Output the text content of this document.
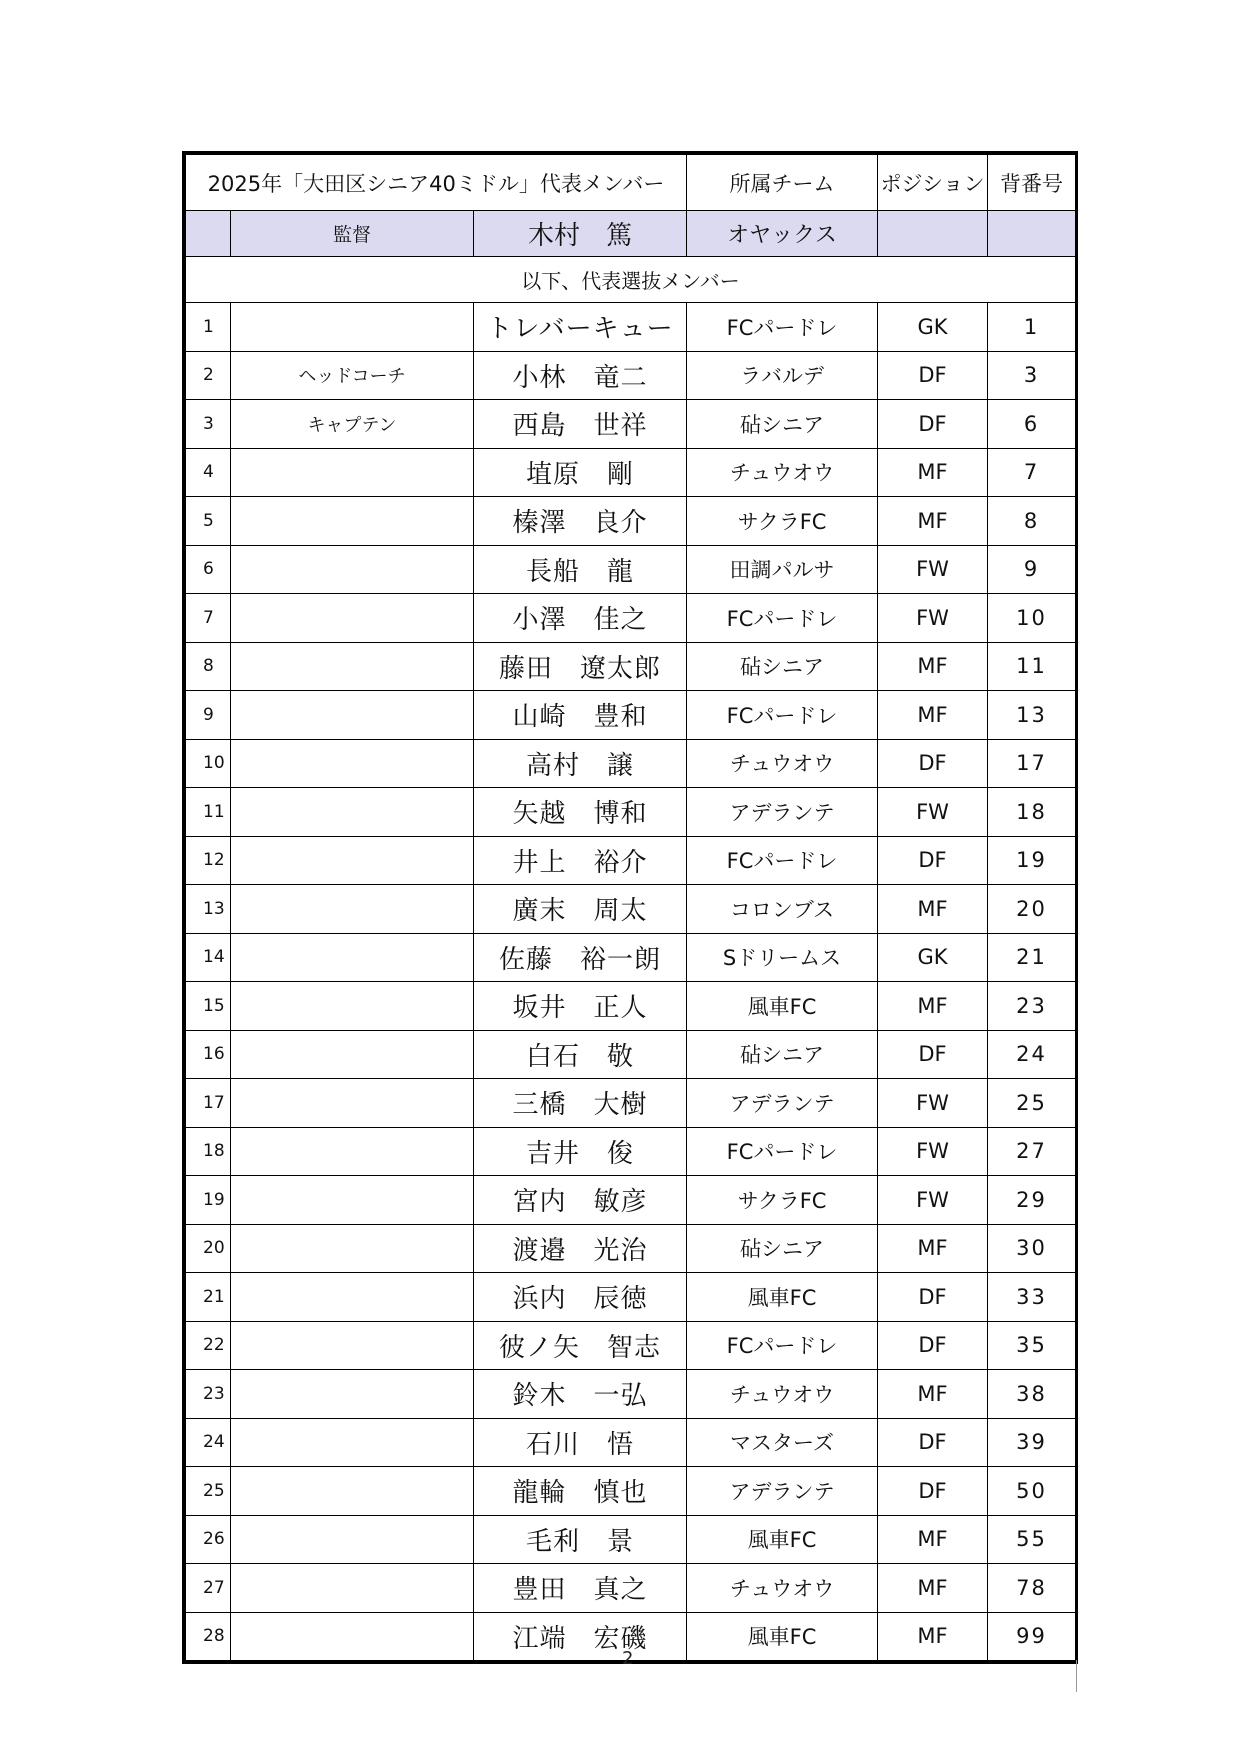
2025年「大田区シニア40ミドル」代表メンバー			所属チーム	ポジション	背番号
	監督	木村　篤	オヤックス		
以下、代表選抜メンバー					
1		トレバーキュー	FCパードレ	GK	1
2	ヘッドコーチ	小林　竜二	ラバルデ	DF	3
3	キャプテン	西島　世祥	砧シニア	DF	6
4		埴原　剛	チュウオウ	MF	7
5		榛澤　良介	サクラFC	MF	8
6		長船　龍	田調パルサ	FW	9
7		小澤　佳之	FCパードレ	FW	10
8		藤田　遼太郎	砧シニア	MF	11
9		山崎　豊和	FCパードレ	MF	13
10		高村　譲	チュウオウ	DF	17
11		矢越　博和	アデランテ	FW	18
12		井上　裕介	FCパードレ	DF	19
13		廣末　周太	コロンブス	MF	20
14		佐藤　裕一朗	Sドリームス	GK	21
15		坂井　正人	風車FC	MF	23
16		白石　敬	砧シニア	DF	24
17		三橋　大樹	アデランテ	FW	25
18		吉井　俊	FCパードレ	FW	27
19		宮内　敏彦	サクラFC	FW	29
20		渡邉　光治	砧シニア	MF	30
21		浜内　辰徳	風車FC	DF	33
22		彼ノ矢　智志	FCパードレ	DF	35
23		鈴木　一弘	チュウオウ	MF	38
24		石川　悟	マスターズ	DF	39
25		龍輪　慎也	アデランテ	DF	50
26		毛利　景	風車FC	MF	55
27		豊田　真之	チュウオウ	MF	78
28		江端　宏磯	風車FC	MF	99
2
